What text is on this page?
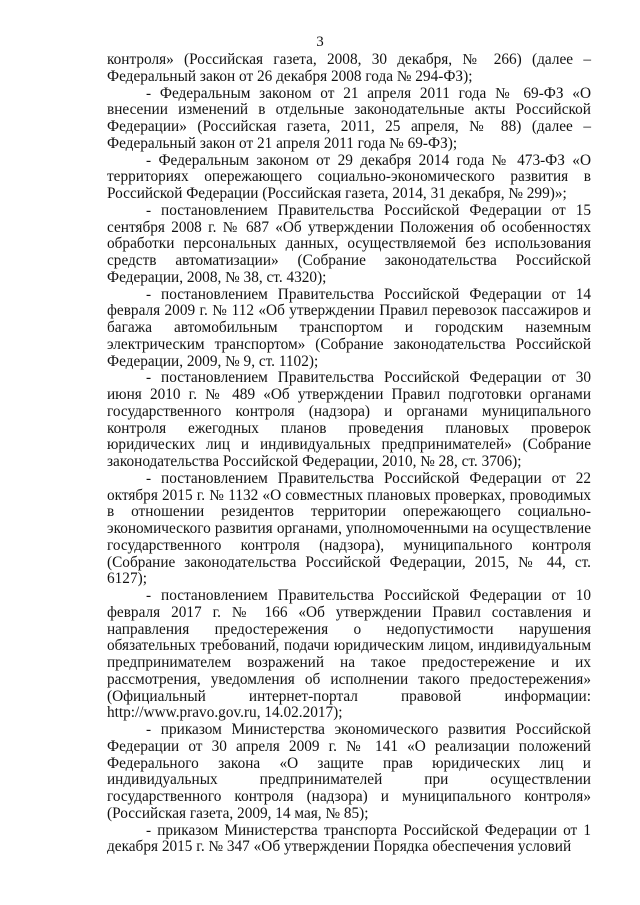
3

контроля» (Российская газета, 2008, 30 декабря, № 266) (далее – Федеральный закон от 26 декабря 2008 года № 294-ФЗ);

- Федеральным законом от 21 апреля 2011 года № 69-ФЗ «О внесении изменений в отдельные законодательные акты Российской Федерации» (Российская газета, 2011, 25 апреля, № 88) (далее – Федеральный закон от 21 апреля 2011 года № 69-ФЗ);

- Федеральным законом от 29 декабря 2014 года № 473-ФЗ «О территориях опережающего социально-экономического развития в Российской Федерации (Российская газета, 2014, 31 декабря, № 299)»;

- постановлением Правительства Российской Федерации от 15 сентября 2008 г. № 687 «Об утверждении Положения об особенностях обработки персональных данных, осуществляемой без использования средств автоматизации» (Собрание законодательства Российской Федерации, 2008, № 38, ст. 4320);

- постановлением Правительства Российской Федерации от 14 февраля 2009 г. № 112 «Об утверждении Правил перевозок пассажиров и багажа автомобильным транспортом и городским наземным электрическим транспортом» (Собрание законодательства Российской Федерации, 2009, № 9, ст. 1102);

- постановлением Правительства Российской Федерации от 30 июня 2010 г. № 489 «Об утверждении Правил подготовки органами государственного контроля (надзора) и органами муниципального контроля ежегодных планов проведения плановых проверок юридических лиц и индивидуальных предпринимателей» (Собрание законодательства Российской Федерации, 2010, № 28, ст. 3706);

- постановлением Правительства Российской Федерации от 22 октября 2015 г. № 1132 «О совместных плановых проверках, проводимых в отношении резидентов территории опережающего социально-экономического развития органами, уполномоченными на осуществление государственного контроля (надзора), муниципального контроля (Собрание законодательства Российской Федерации, 2015, № 44, ст. 6127);

- постановлением Правительства Российской Федерации от 10 февраля 2017 г. № 166 «Об утверждении Правил составления и направления предостережения о недопустимости нарушения обязательных требований, подачи юридическим лицом, индивидуальным предпринимателем возражений на такое предостережение и их рассмотрения, уведомления об исполнении такого предостережения» (Официальный интернет-портал правовой информации: http://www.pravo.gov.ru, 14.02.2017);

- приказом Министерства экономического развития Российской Федерации от 30 апреля 2009 г. № 141 «О реализации положений Федерального закона «О защите прав юридических лиц и индивидуальных предпринимателей при осуществлении государственного контроля (надзора) и муниципального контроля» (Российская газета, 2009, 14 мая, № 85);

- приказом Министерства транспорта Российской Федерации от 1 декабря 2015 г. № 347 «Об утверждении Порядка обеспечения условий
